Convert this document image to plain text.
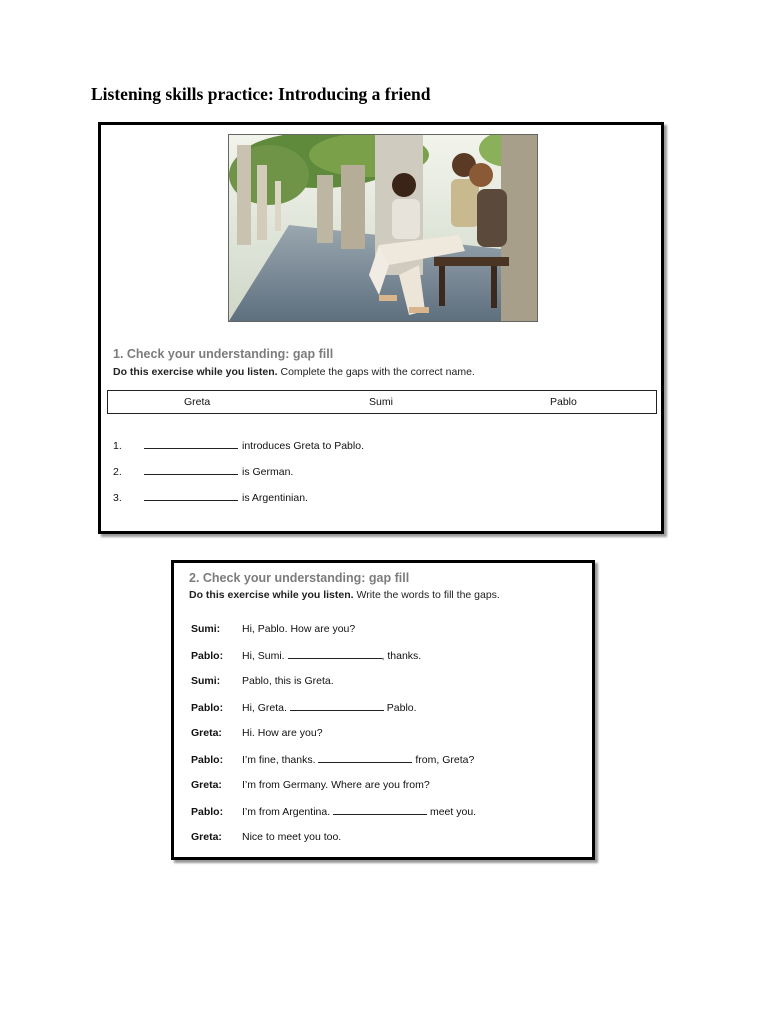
Listening skills practice: Introducing a friend
1. Check your understanding: gap fill
Do this exercise while you listen. Complete the gaps with the correct name.
Greta	Sumi	Pablo
1.	introduces Greta to Pablo.
2.	is German.
3.	is Argentinian.
2. Check your understanding: gap fill
Do this exercise while you listen. Write the words to fill the gaps.
Sumi: Hi, Pablo. How are you?
Pablo: Hi, Sumi.	, thanks.
Sumi: Pablo, this is Greta.
Pablo: Hi, Greta.	Pablo.
Greta: Hi. How are you?
Pablo: I’m fine, thanks.	from, Greta?
Greta: I’m from Germany. Where are you from?
Pablo: I’m from Argentina.	meet you.
Greta: Nice to meet you too.
